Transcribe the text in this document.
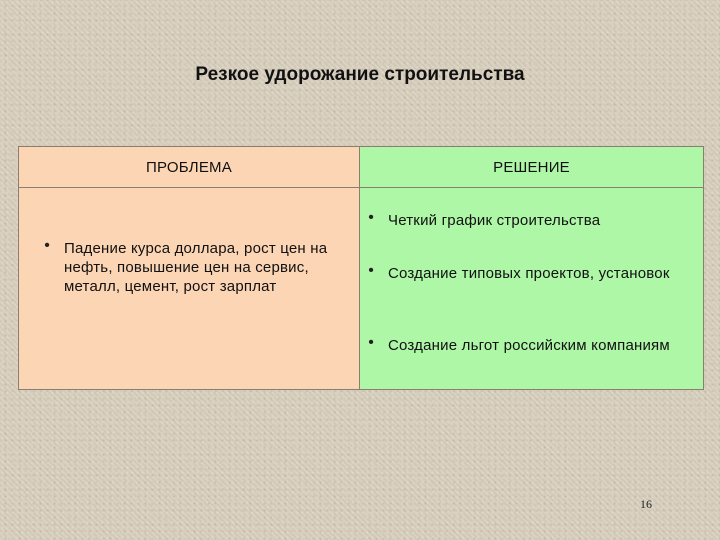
Резкое удорожание строительства
ПРОБЛЕМА
• Падение курса доллара, рост цен на нефть, повышение цен на сервис, металл, цемент, рост зарплат
РЕШЕНИЕ
• Четкий график строительства
• Создание типовых проектов, установок
• Создание льгот российским компаниям
16
